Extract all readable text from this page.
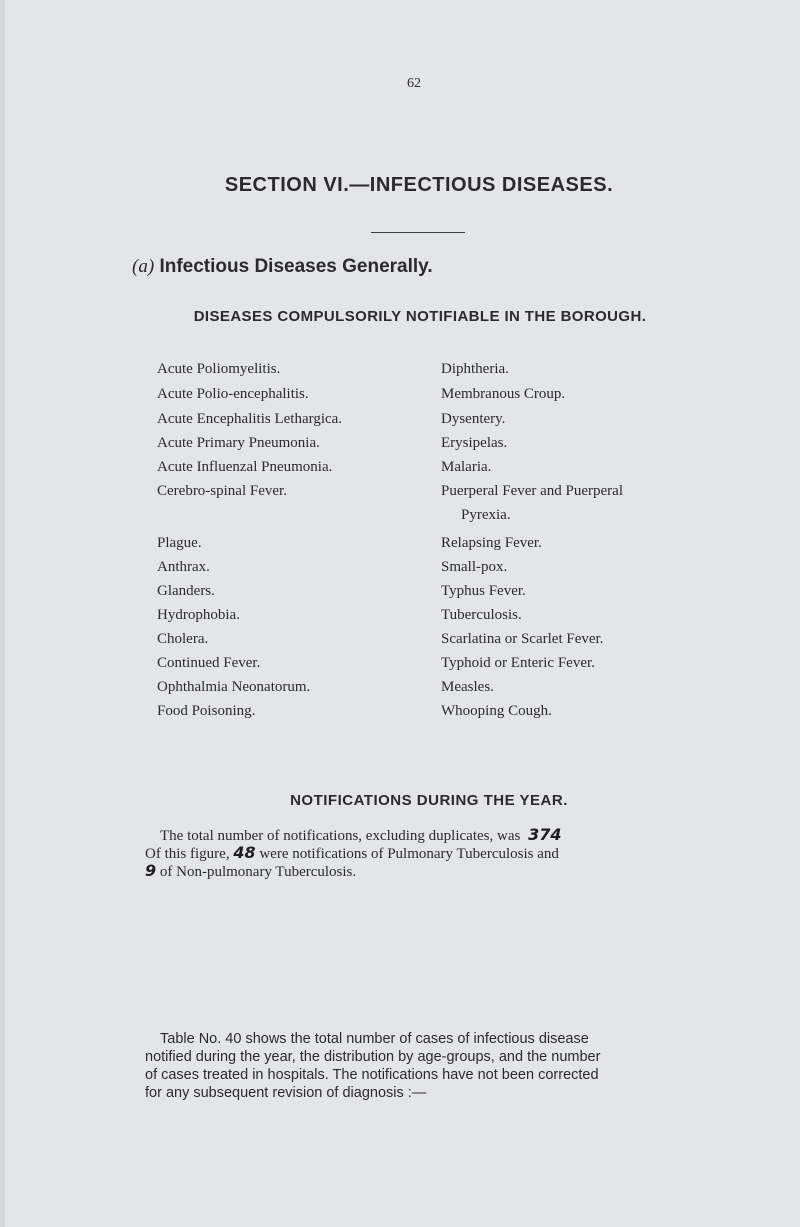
62
SECTION VI.—INFECTIOUS DISEASES.
(a) Infectious Diseases Generally.
DISEASES COMPULSORILY NOTIFIABLE IN THE BOROUGH.
Acute Poliomyelitis.
Acute Polio-encephalitis.
Acute Encephalitis Lethargica.
Acute Primary Pneumonia.
Acute Influenzal Pneumonia.
Cerebro-spinal Fever.
Plague.
Anthrax.
Glanders.
Hydrophobia.
Cholera.
Continued Fever.
Ophthalmia Neonatorum.
Food Poisoning.
Diphtheria.
Membranous Croup.
Dysentery.
Erysipelas.
Malaria.
Puerperal Fever and Puerperal
Pyrexia.
Relapsing Fever.
Small-pox.
Typhus Fever.
Tuberculosis.
Scarlatina or Scarlet Fever.
Typhoid or Enteric Fever.
Measles.
Whooping Cough.
NOTIFICATIONS DURING THE YEAR.
The total number of notifications, excluding duplicates, was 374
Of this figure, 48 were notifications of Pulmonary Tuberculosis and
9 of Non-pulmonary Tuberculosis.
Table No. 40 shows the total number of cases of infectious disease
notified during the year, the distribution by age-groups, and the number
of cases treated in hospitals. The notifications have not been corrected
for any subsequent revision of diagnosis :—
